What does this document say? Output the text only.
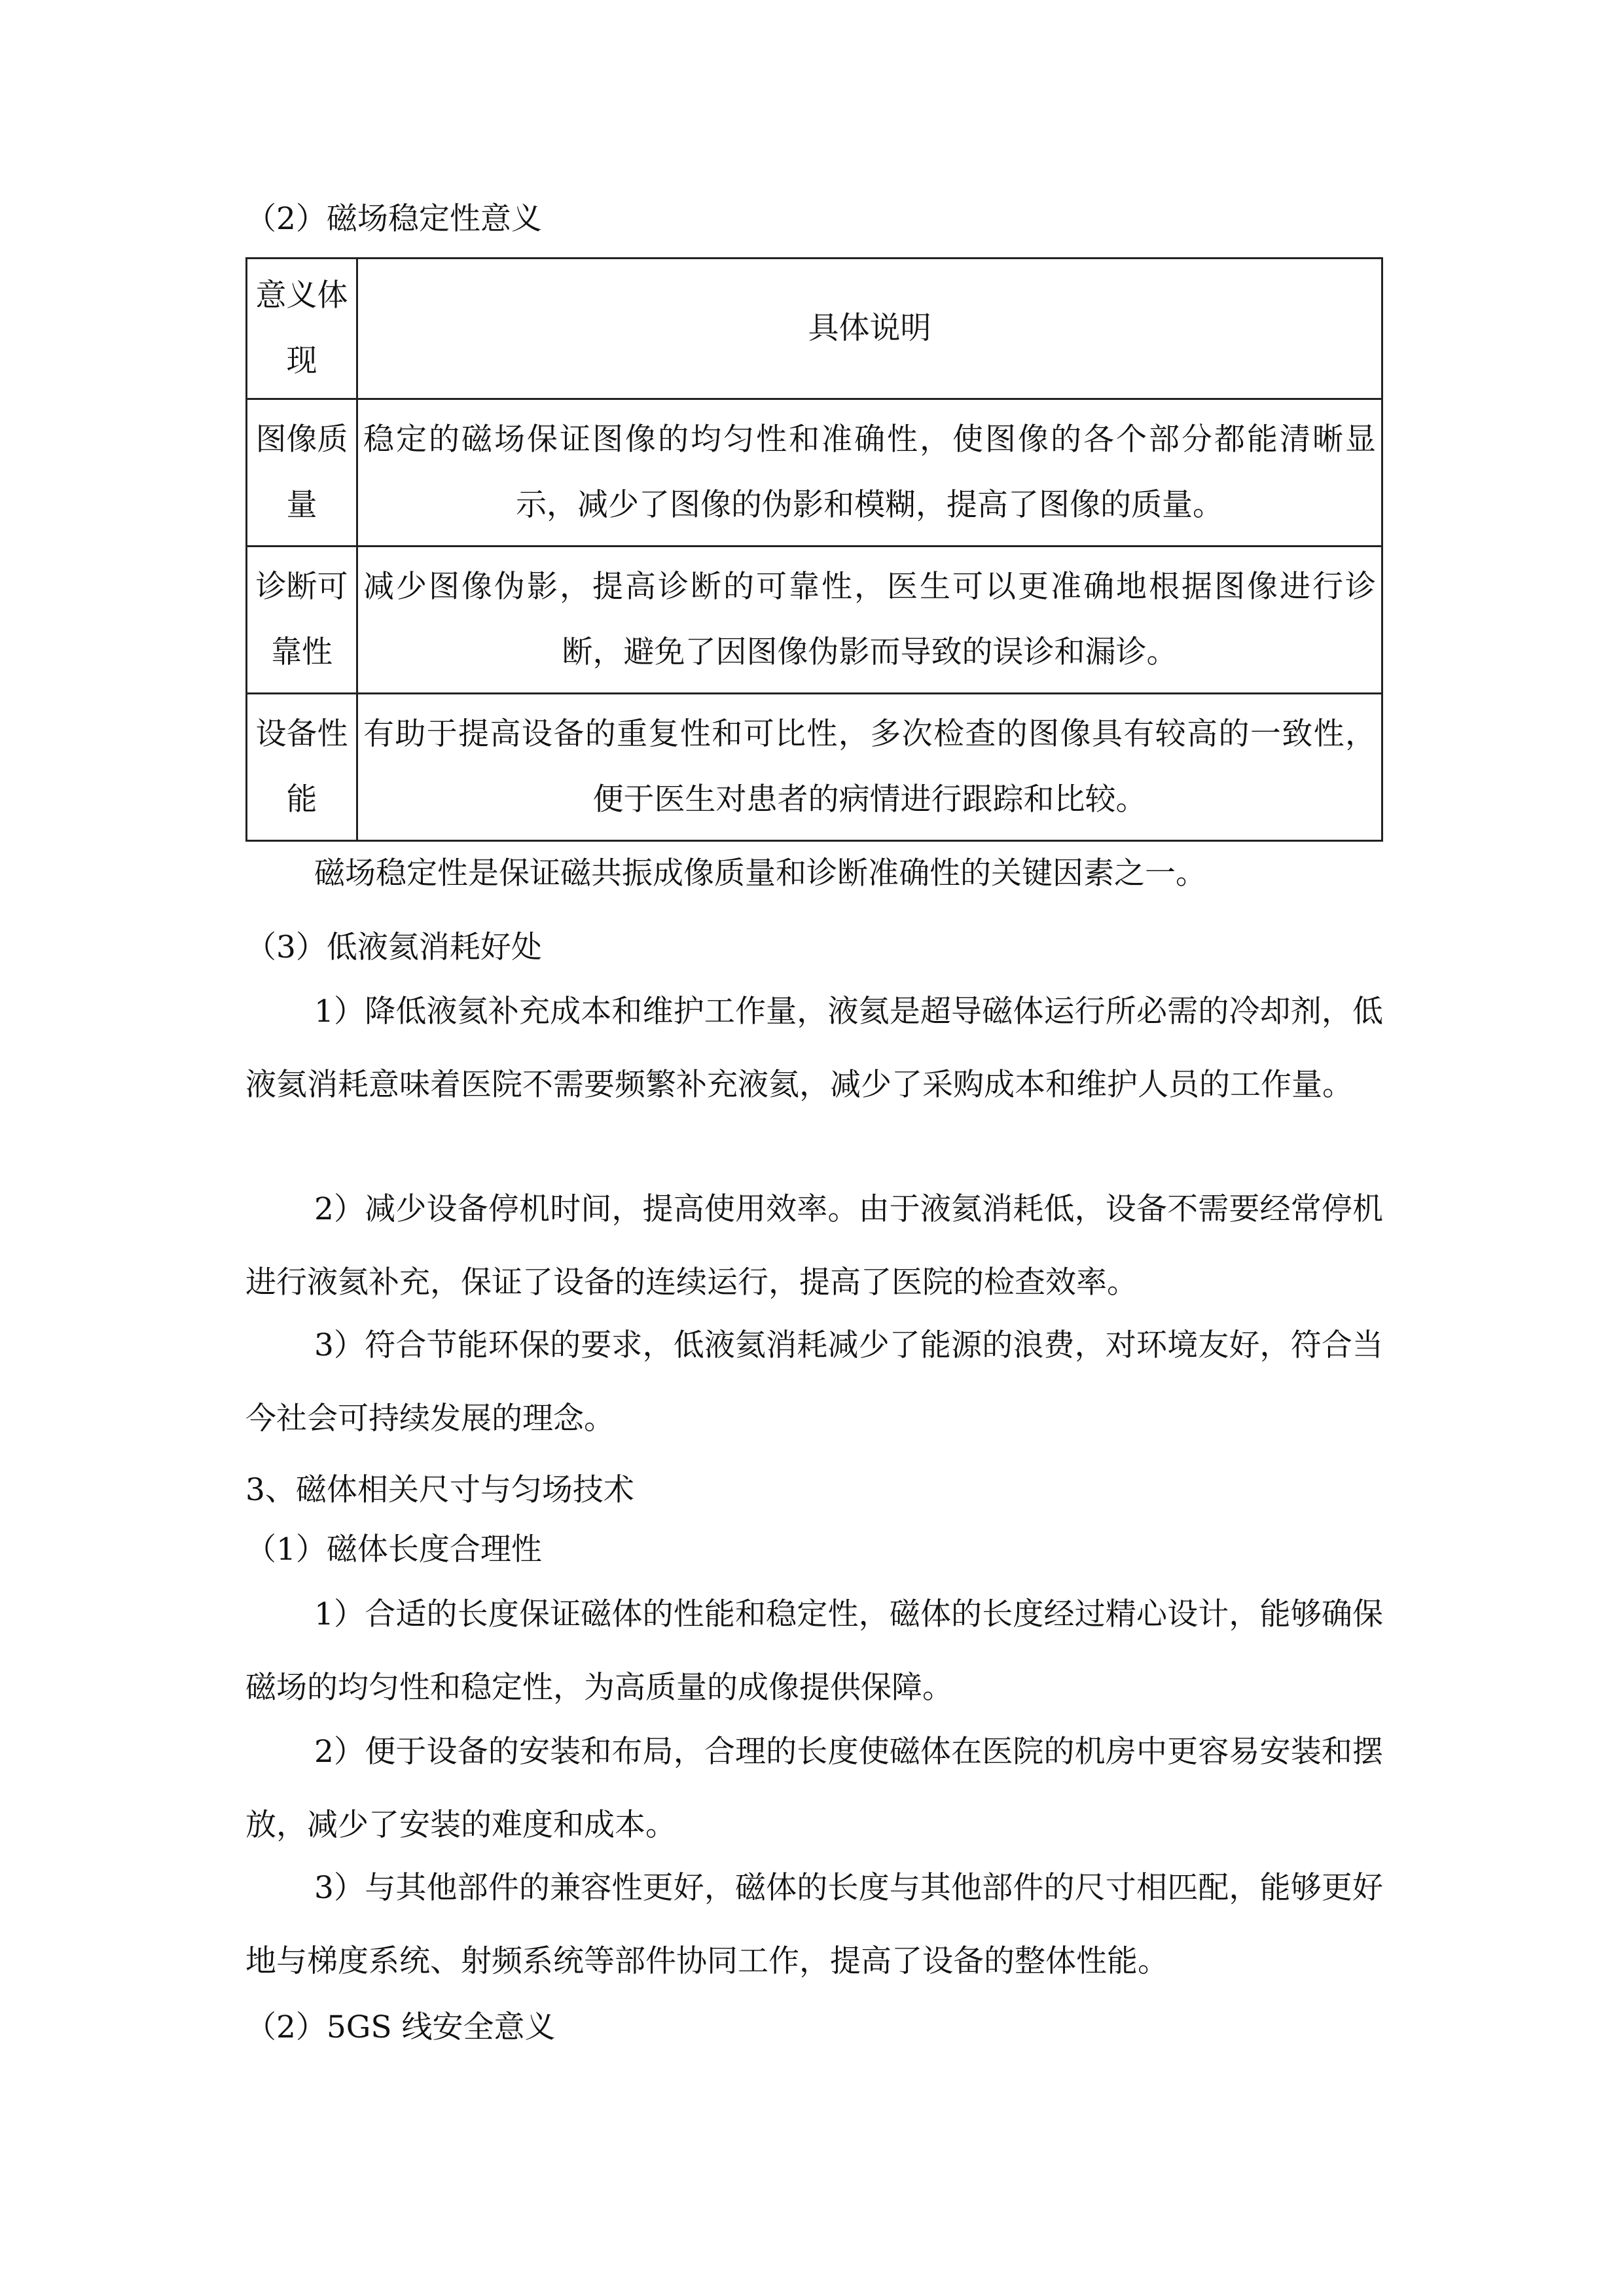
（2）磁场稳定性意义
意义体现	具体说明
图像质量	稳定的磁场保证图像的均匀性和准确性，使图像的各个部分都能清晰显示，减少了图像的伪影和模糊，提高了图像的质量。
诊断可靠性	减少图像伪影，提高诊断的可靠性，医生可以更准确地根据图像进行诊断，避免了因图像伪影而导致的误诊和漏诊。
设备性能	有助于提高设备的重复性和可比性，多次检查的图像具有较高的一致性，便于医生对患者的病情进行跟踪和比较。
磁场稳定性是保证磁共振成像质量和诊断准确性的关键因素之一。
（3）低液氦消耗好处
1）降低液氦补充成本和维护工作量，液氦是超导磁体运行所必需的冷却剂，低液氦消耗意味着医院不需要频繁补充液氦，减少了采购成本和维护人员的工作量。
2）减少设备停机时间，提高使用效率。由于液氦消耗低，设备不需要经常停机进行液氦补充，保证了设备的连续运行，提高了医院的检查效率。
3）符合节能环保的要求，低液氦消耗减少了能源的浪费，对环境友好，符合当今社会可持续发展的理念。
3、磁体相关尺寸与匀场技术
（1）磁体长度合理性
1）合适的长度保证磁体的性能和稳定性，磁体的长度经过精心设计，能够确保磁场的均匀性和稳定性，为高质量的成像提供保障。
2）便于设备的安装和布局，合理的长度使磁体在医院的机房中更容易安装和摆放，减少了安装的难度和成本。
3）与其他部件的兼容性更好，磁体的长度与其他部件的尺寸相匹配，能够更好地与梯度系统、射频系统等部件协同工作，提高了设备的整体性能。
（2）5GS 线安全意义
